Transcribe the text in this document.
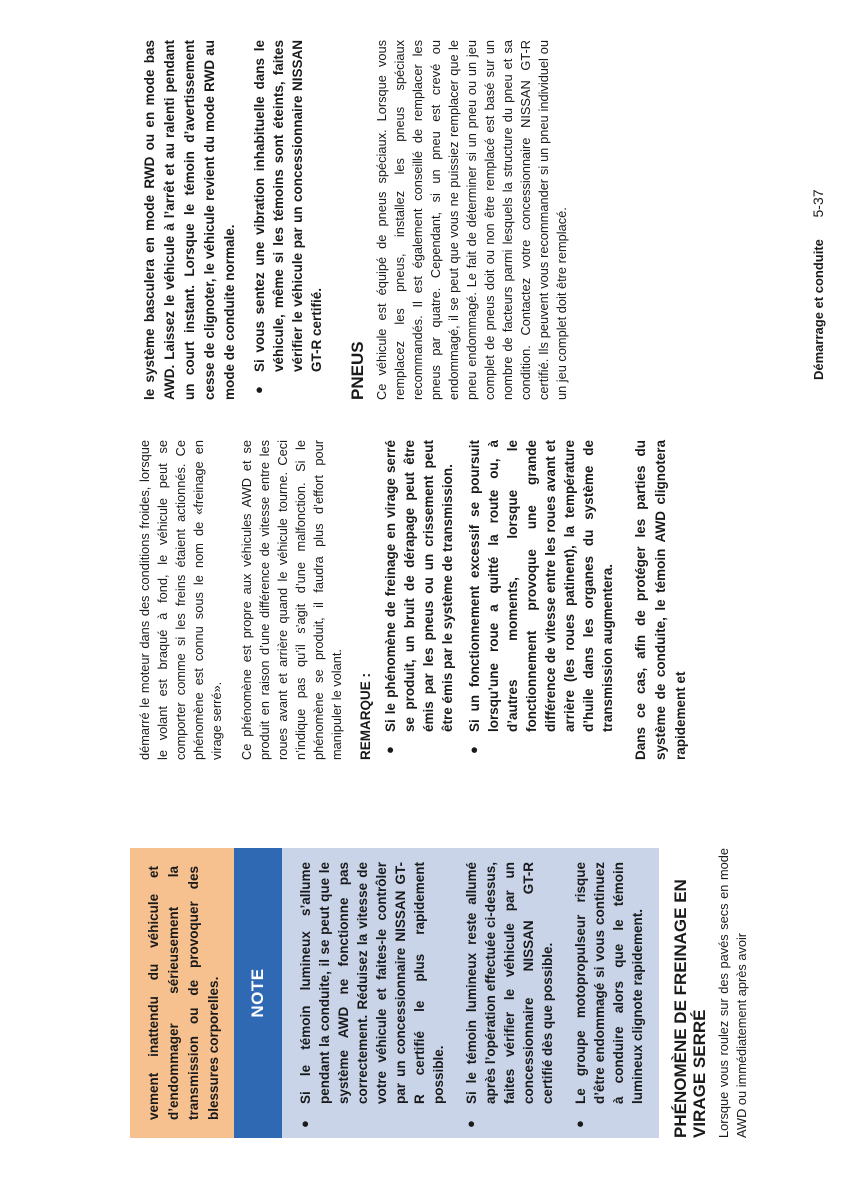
vement inattendu du véhicule et d’endommager sérieusement la transmission ou de provoquer des blessures corporelles.	NOTE
●
Si le témoin lumineux s’allume pendant la conduite, il se peut que le système AWD ne fonctionne pas correctement. Réduisez la vitesse de votre véhicule et faites-le contrôler par un concessionnaire NISSAN GT-R certifié le plus rapidement possible.
●
Si le témoin lumineux reste allumé après l’opération effectuée ci-dessus, faites vérifier le véhicule par un concessionnaire NISSAN GT-R certifié dès que possible.
●
Le groupe motopropulseur risque d’être endommagé si vous continuez à conduire alors que le témoin lumineux clignote rapidement. PHÉNOMÈNE DE FREINAGE EN VIRAGE SERRÉ Lorsque vous roulez sur des pavés secs en mode AWD ou immédiatement après avoir

démarré le moteur dans des conditions froides, lorsque le volant est braqué à fond, le véhicule peut se comporter comme si les freins étaient actionnés. Ce phénomène est connu sous le nom de «freinage en virage serré». Ce phénomène est propre aux véhicules AWD et se produit en raison d’une différence de vitesse entre les roues avant et arrière quand le véhicule tourne. Ceci n’indique pas qu’il s’agit d’une malfonction. Si le phénomène se produit, il faudra plus d’effort pour manipuler le volant. REMARQUE : ●
Si le phénomène de freinage en virage serré se produit, un bruit de dérapage peut être émis par les pneus ou un crissement peut être émis par le système de transmission.
●
Si un fonctionnement excessif se poursuit lorsqu’une roue a quitté la route ou, à d’autres moments, lorsque le fonctionnement provoque une grande différence de vitesse entre les roues avant et arrière (les roues patinent), la température d’huile dans les organes du système de transmission augmentera. Dans ce cas, afin de protéger les parties du système de conduite, le témoin AWD clignotera rapidement et

le système basculera en mode RWD ou en mode bas AWD. Laissez le véhicule à l’arrêt et au ralenti pendant un court instant. Lorsque le témoin d’avertissement cesse de clignoter, le véhicule revient du mode RWD au mode de conduite normale. ●
Si vous sentez une vibration inhabituelle dans le véhicule, même si les témoins sont éteints, faites vérifier le véhicule par un concessionnaire NISSAN GT-R certifié. PNEUS Ce véhicule est équipé de pneus spéciaux. Lorsque vous remplacez les pneus, installez les pneus spéciaux recommandés. Il est également conseillé de remplacer les pneus par quatre. Cependant, si un pneu est crevé ou endommagé, il se peut que vous ne puissiez remplacer que le pneu endommagé. Le fait de déterminer si un pneu ou un jeu complet de pneus doit ou non être remplacé est basé sur un nombre de facteurs parmi lesquels la structure du pneu et sa condition. Contactez votre concessionnaire NISSAN GT-R certifié. Ils peuvent vous recommander si un pneu individuel ou un jeu complet doit être remplacé.	Démarrage et conduite 5-37
